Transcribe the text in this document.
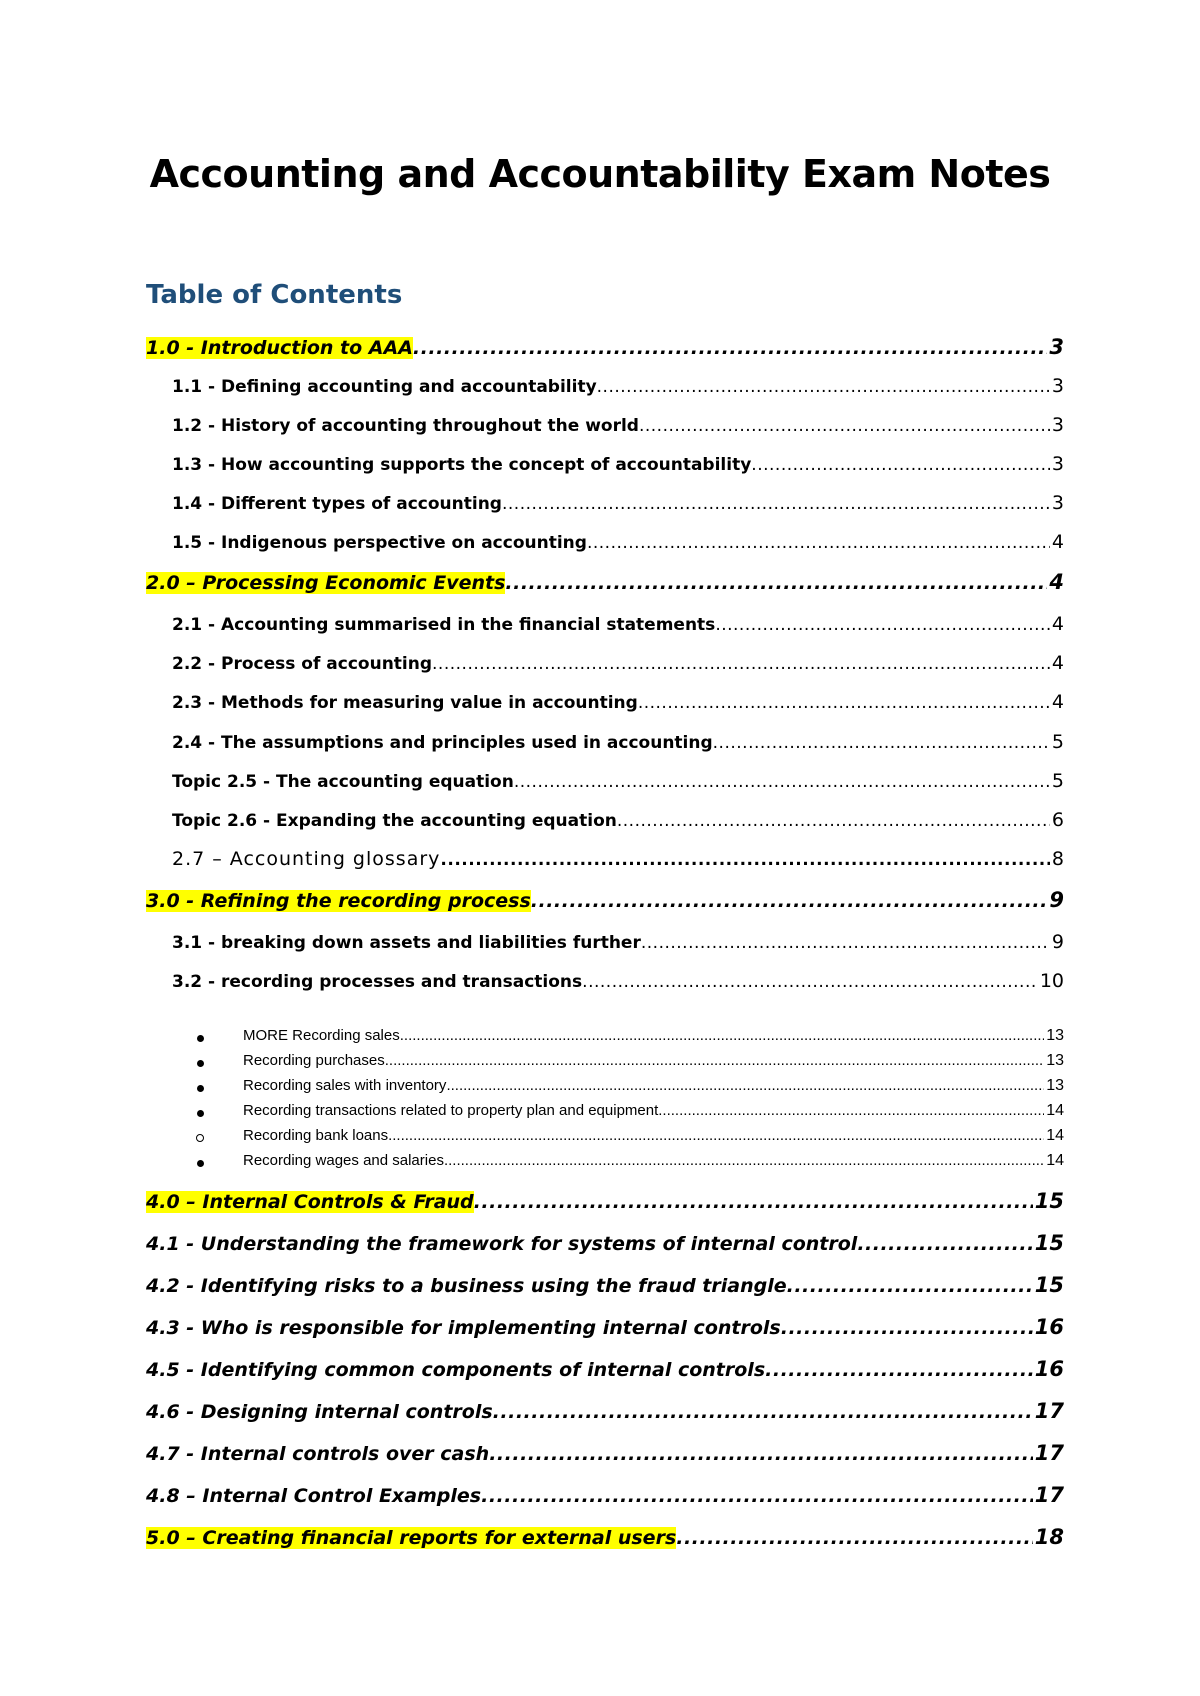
Accounting and Accountability Exam Notes
Table of Contents
1.0 - Introduction to AAA .....	3
1.1 - Defining accounting and accountability .....	3
1.2 - History of accounting throughout the world .....	3
1.3 - How accounting supports the concept of accountability .....	3
1.4 - Different types of accounting .....	3
1.5 - Indigenous perspective on accounting .....	4
2.0 – Processing Economic Events .....	4
2.1 - Accounting summarised in the financial statements .....	4
2.2 - Process of accounting .....	4
2.3 - Methods for measuring value in accounting .....	4
2.4 - The assumptions and principles used in accounting .....	5
Topic 2.5 - The accounting equation .....	5
Topic 2.6 - Expanding the accounting equation .....	6
2.7 – Accounting glossary .....	8
3.0 - Refining the recording process .....	9
3.1 - breaking down assets and liabilities further .....	9
3.2 - recording processes and transactions .....	10
MORE Recording sales .....	13
Recording purchases .....	13
Recording sales with inventory .....	13
Recording transactions related to property plan and equipment .....	14
Recording bank loans .....	14
Recording wages and salaries .....	14
4.0 – Internal Controls & Fraud .....	15
4.1 - Understanding the framework for systems of internal control .....	15
4.2 - Identifying risks to a business using the fraud triangle .....	15
4.3 - Who is responsible for implementing internal controls .....	16
4.5 - Identifying common components of internal controls .....	16
4.6 - Designing internal controls .....	17
4.7 - Internal controls over cash .....	17
4.8 – Internal Control Examples .....	17
5.0 – Creating financial reports for external users .....	18
